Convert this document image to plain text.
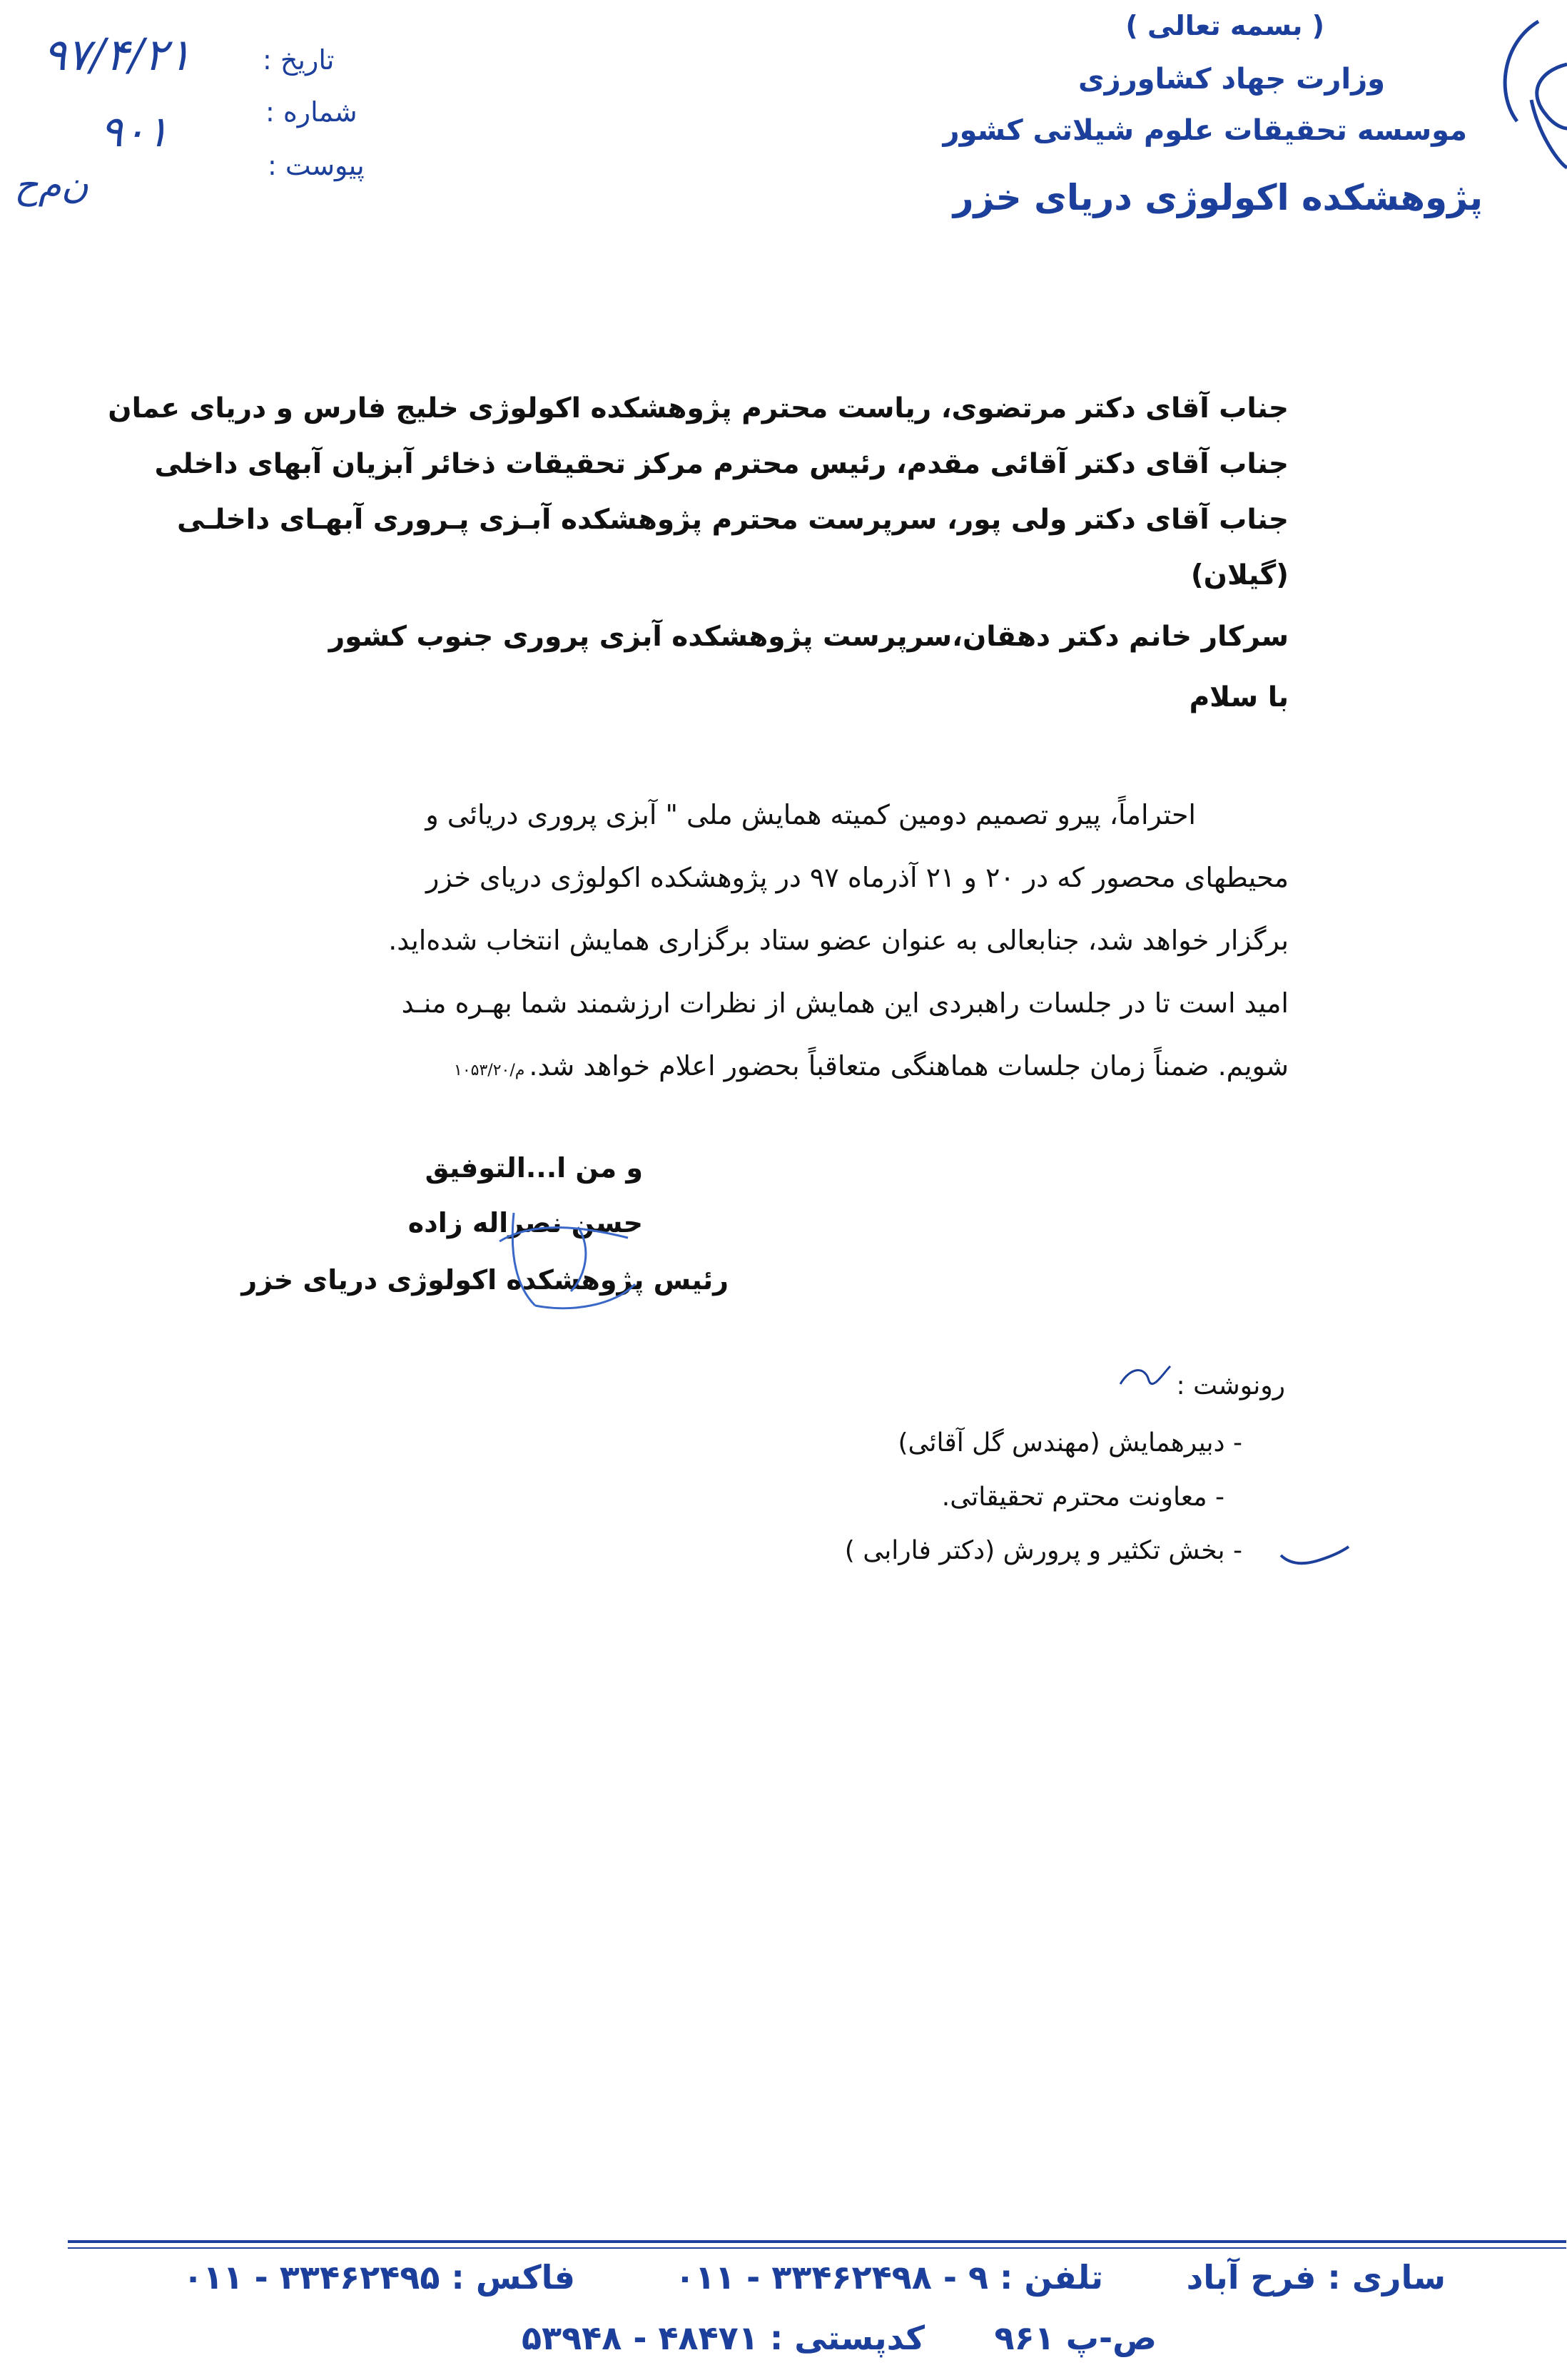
( بسمه تعالی )
وزارت جهاد کشاورزی
موسسه تحقیقات علوم شیلاتی کشور
پژوهشکده اکولوژی دریای خزر
تاریخ :
شماره :
پیوست :
۹۷/۴/۲۱
۹۰۱
ن‌م‌ح
جناب آقای دکتر مرتضوی، ریاست محترم پژوهشکده اکولوژی خلیج فارس و دریای عمان
جناب آقای دکتر آقائی مقدم، رئیس محترم مرکز تحقیقات ذخائر آبزیان آبهای داخلی
جناب آقای دکتر ولی پور، سرپرست محترم پژوهشکده آبـزی پـروری آبهـای داخلـی
(گیلان)
سرکار خانم دکتر دهقان،سرپرست پژوهشکده آبزی پروری جنوب کشور
با سلام
احتراماً، پیرو تصمیم دومین کمیته همایش ملی " آبزی پروری دریائی و
محیطهای محصور که در ۲۰ و ۲۱ آذرماه ۹۷ در پژوهشکده اکولوژی دریای خزر
برگزار خواهد شد، جنابعالی به عنوان عضو ستاد برگزاری همایش انتخاب شده‌اید.
امید است تا در جلسات راهبردی این همایش از نظرات ارزشمند شما بهـره منـد
شویم. ضمناً زمان جلسات هماهنگی متعاقباً بحضور اعلام خواهد شد.م/۱۰۵۳/۲۰
و من ا...التوفیق
حسن نصراله زاده
رئیس پژوهشکده اکولوژی دریای خزر
رونوشت :
- دبیرهمایش (مهندس گل آقائی)
- معاونت محترم تحقیقاتی.
- بخش تکثیر و پرورش (دکتر فارابی )
ساری : فرح آباد
تلفن : ۹ - ۳۳۴۶۲۴۹۸ - ۰۱۱
فاکس : ۳۳۴۶۲۴۹۵ - ۰۱۱
ص-پ ۹۶۱
کدپستی : ۴۸۴۷۱ - ۵۳۹۴۸
